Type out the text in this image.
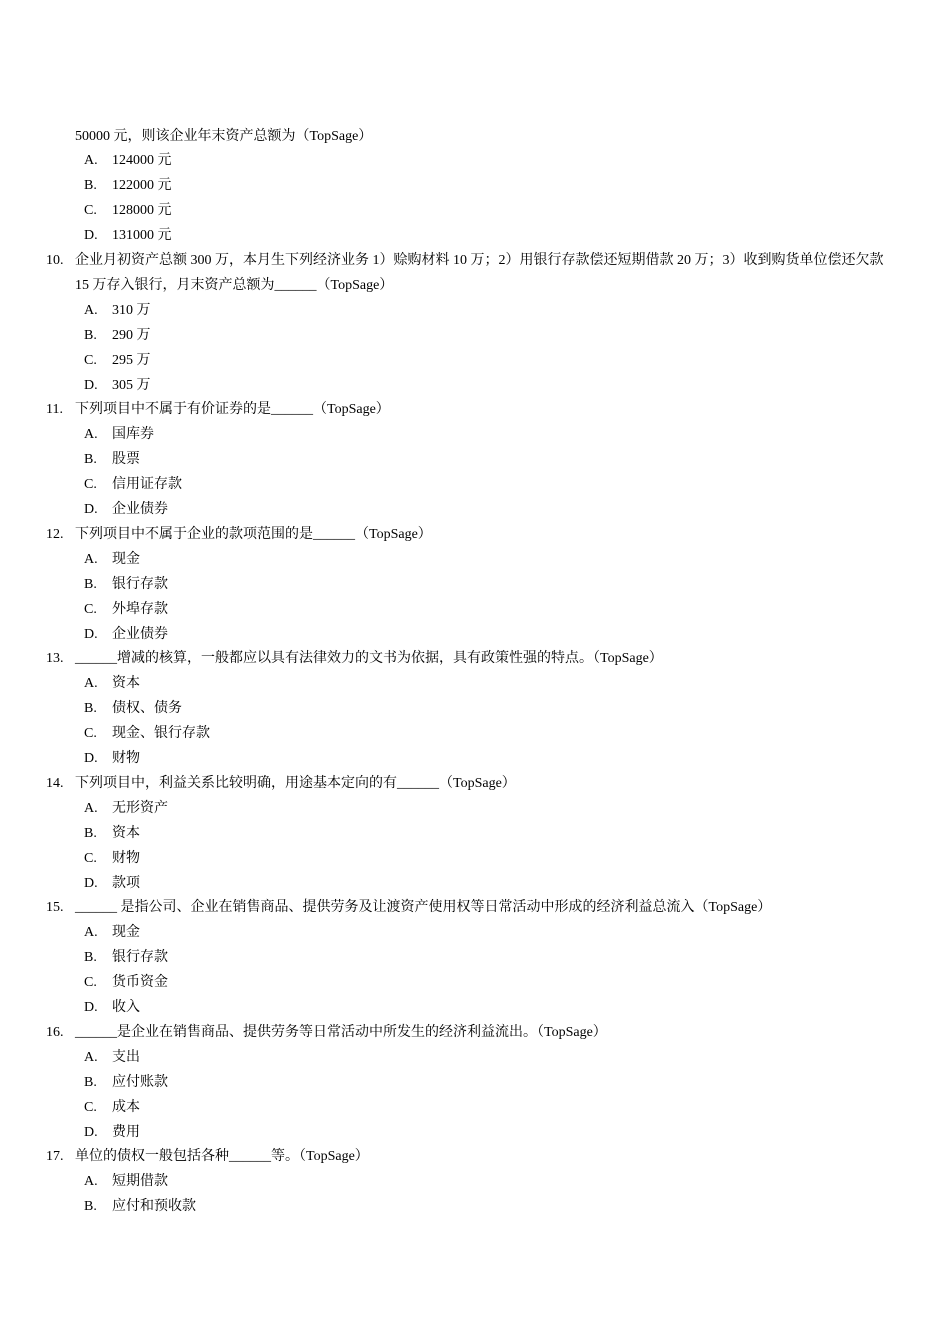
50000 元，则该企业年末资产总额为（TopSage）
A. 124000 元
B. 122000 元
C. 128000 元
D. 131000 元
10. 企业月初资产总额 300 万，本月生下列经济业务 1）赊购材料 10 万；2）用银行存款偿还短期借款 20 万；3）收到购货单位偿还欠款
15 万存入银行，月末资产总额为______（TopSage）
A. 310 万
B. 290 万
C. 295 万
D. 305 万
11. 下列项目中不属于有价证券的是______（TopSage）
A. 国库券
B. 股票
C. 信用证存款
D. 企业债券
12. 下列项目中不属于企业的款项范围的是______（TopSage）
A. 现金
B. 银行存款
C. 外埠存款
D. 企业债券
13. ______增减的核算，一般都应以具有法律效力的文书为依据，具有政策性强的特点。（TopSage）
A. 资本
B. 债权、债务
C. 现金、银行存款
D. 财物
14. 下列项目中，利益关系比较明确，用途基本定向的有______（TopSage）
A. 无形资产
B. 资本
C. 财物
D. 款项
15. ______ 是指公司、企业在销售商品、提供劳务及让渡资产使用权等日常活动中形成的经济利益总流入（TopSage）
A. 现金
B. 银行存款
C. 货币资金
D. 收入
16. ______是企业在销售商品、提供劳务等日常活动中所发生的经济利益流出。（TopSage）
A. 支出
B. 应付账款
C. 成本
D. 费用
17. 单位的债权一般包括各种______等。（TopSage）
A. 短期借款
B. 应付和预收款
